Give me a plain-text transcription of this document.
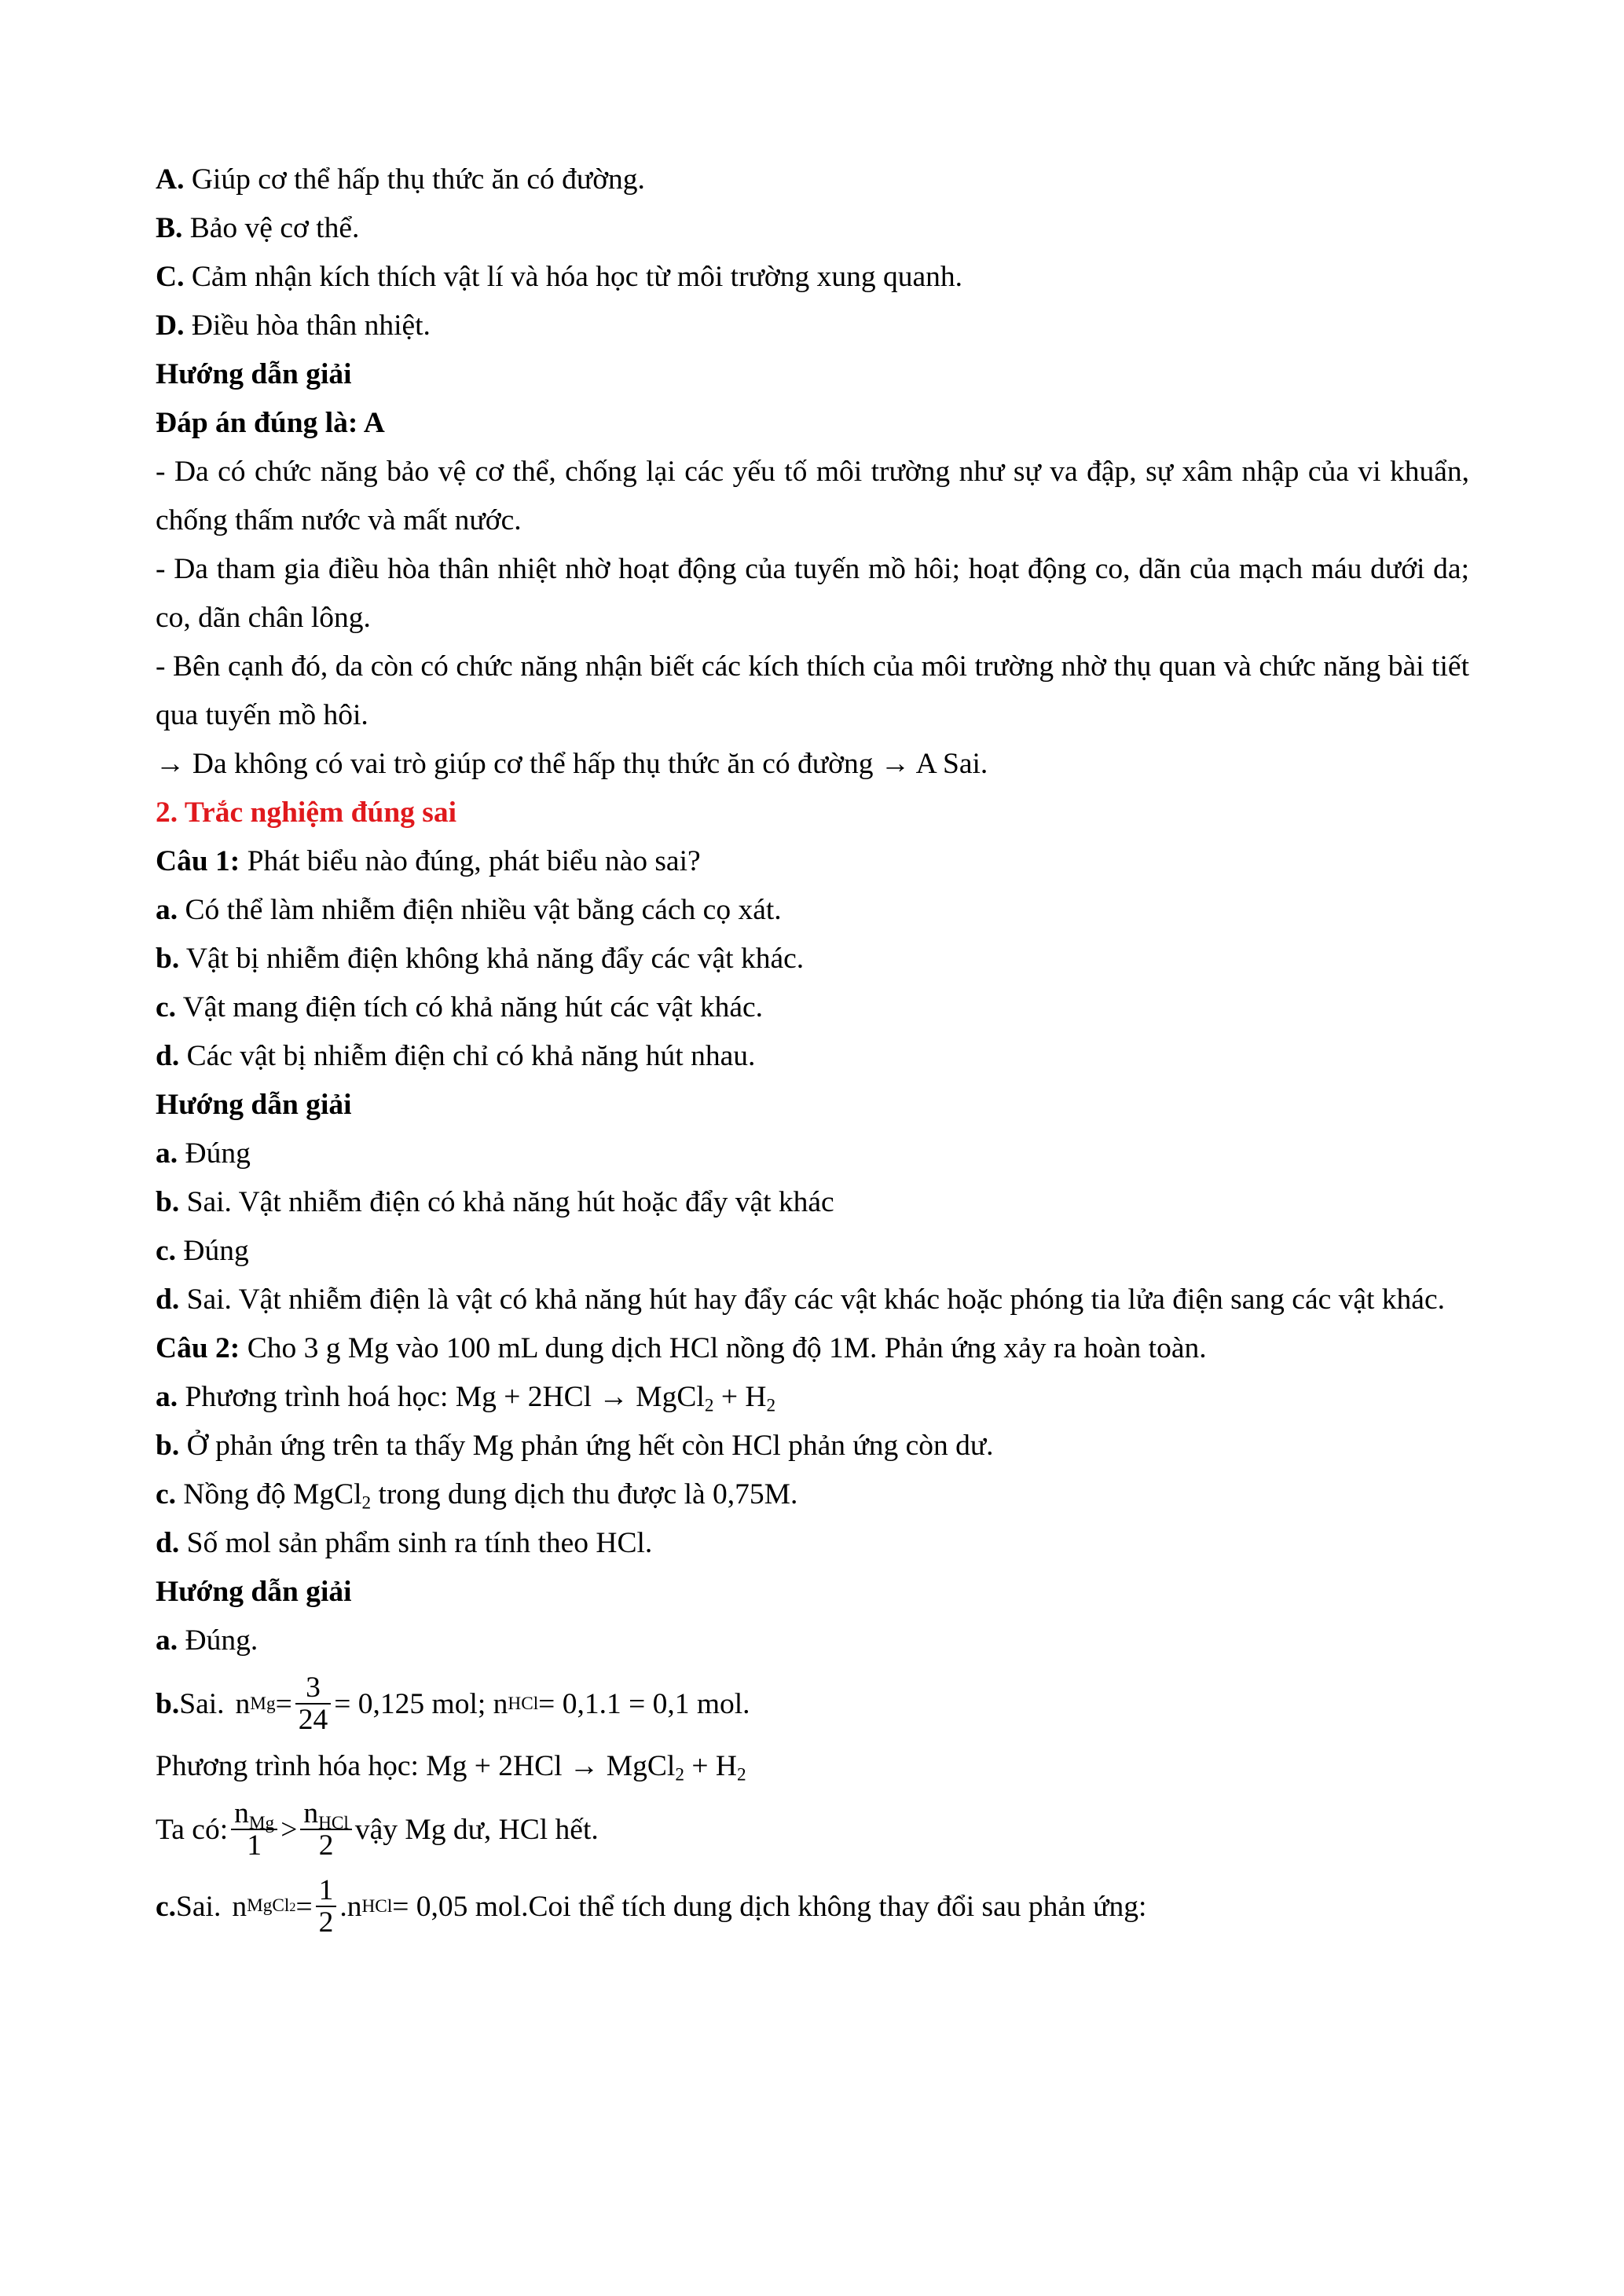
A. Giúp cơ thể hấp thụ thức ăn có đường.
B. Bảo vệ cơ thể.
C. Cảm nhận kích thích vật lí và hóa học từ môi trường xung quanh.
D. Điều hòa thân nhiệt.
Hướng dẫn giải
Đáp án đúng là: A
- Da có chức năng bảo vệ cơ thể, chống lại các yếu tố môi trường như sự va đập, sự xâm nhập của vi khuẩn, chống thấm nước và mất nước.
- Da tham gia điều hòa thân nhiệt nhờ hoạt động của tuyến mồ hôi; hoạt động co, dãn của mạch máu dưới da; co, dãn chân lông.
- Bên cạnh đó, da còn có chức năng nhận biết các kích thích của môi trường nhờ thụ quan và chức năng bài tiết qua tuyến mồ hôi.
→ Da không có vai trò giúp cơ thể hấp thụ thức ăn có đường → A Sai.
2. Trắc nghiệm đúng sai
Câu 1: Phát biểu nào đúng, phát biểu nào sai?
a. Có thể làm nhiễm điện nhiều vật bằng cách cọ xát.
b. Vật bị nhiễm điện không khả năng đẩy các vật khác.
c. Vật mang điện tích có khả năng hút các vật khác.
d. Các vật bị nhiễm điện chỉ có khả năng hút nhau.
Hướng dẫn giải
a. Đúng
b. Sai. Vật nhiễm điện có khả năng hút hoặc đẩy vật khác
c. Đúng
d. Sai. Vật nhiễm điện là vật có khả năng hút hay đẩy các vật khác hoặc phóng tia lửa điện sang các vật khác.
Câu 2: Cho 3 g Mg vào 100 mL dung dịch HCl nồng độ 1M. Phản ứng xảy ra hoàn toàn.
a. Phương trình hoá học: Mg + 2HCl → MgCl$_2$ + $H_2$
b. Ở phản ứng trên ta thấy Mg phản ứng hết còn HCl phản ứng còn dư.
c. Nồng độ MgCl$_2$ trong dung dịch thu được là 0,75M.
d. Số mol sản phẩm sinh ra tính theo HCl.
Hướng dẫn giải
a. Đúng.
b. Sai. n $Mg = \frac{3}{24} = 0,125$ mol; n HCl = 0,1.1 = 0,1 mol.
Phương trình hóa học: Mg + 2HCl → MgCl$_2$ + $H_2$
Ta có: $\frac{n_{Mg}}{1} > \frac{n_{HCl}}{2}$ vậy Mg dư, HCl hết.
c. Sai. n MgCl2 = $\frac{1}{2} .n$ HCl = 0,05 mol. Coi thể tích dung dịch không thay đổi sau phản ứng:
